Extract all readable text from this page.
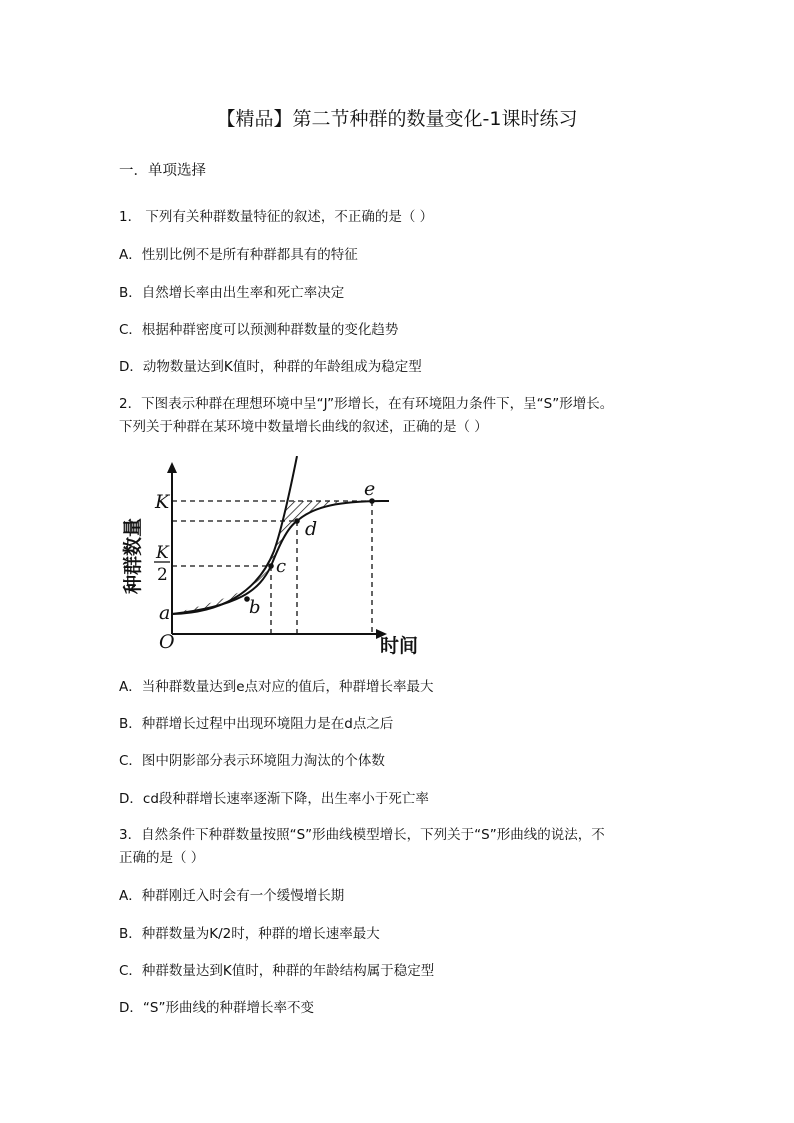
【精品】第二节种群的数量变化-1课时练习
一．单项选择
1． 下列有关种群数量特征的叙述，不正确的是（ ）
A．性别比例不是所有种群都具有的特征
B．自然增长率由出生率和死亡率决定
C．根据种群密度可以预测种群数量的变化趋势
D．动物数量达到K值时，种群的年龄组成为稳定型
2．下图表示种群在理想环境中呈“J”形增长，在有环境阻力条件下，呈“S”形增长。
下列关于种群在某环境中数量增长曲线的叙述，正确的是（ ）
种群数量
时间
O
K
K
2
a	b
c
d
e
A．当种群数量达到e点对应的值后，种群增长率最大
B．种群增长过程中出现环境阻力是在d点之后
C．图中阴影部分表示环境阻力淘汰的个体数
D．cd段种群增长速率逐渐下降，出生率小于死亡率
3．自然条件下种群数量按照“S”形曲线模型增长，下列关于“S”形曲线的说法，不
正确的是（ ）
A．种群刚迁入时会有一个缓慢增长期
B．种群数量为K/2时，种群的增长速率最大
C．种群数量达到K值时，种群的年龄结构属于稳定型
D．“S”形曲线的种群增长率不变
